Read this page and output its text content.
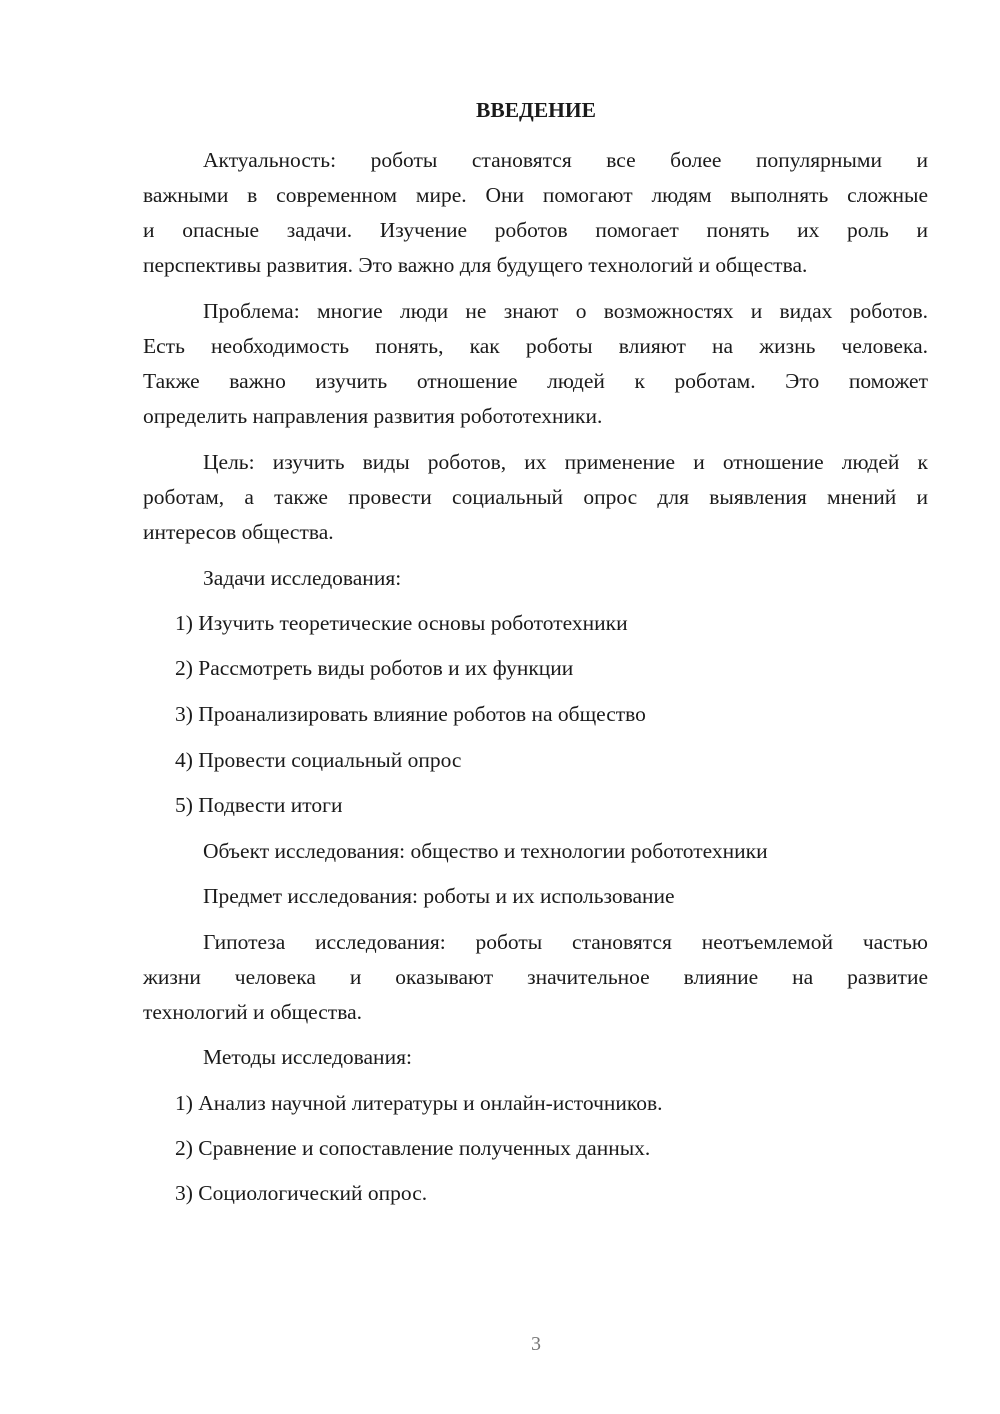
ВВЕДЕНИЕ
Актуальность: роботы становятся все более популярными и
важными в современном мире. Они помогают людям выполнять сложные
и опасные задачи. Изучение роботов помогает понять их роль и
перспективы развития. Это важно для будущего технологий и общества.
Проблема: многие люди не знают о возможностях и видах роботов.
Есть необходимость понять, как роботы влияют на жизнь человека.
Также важно изучить отношение людей к роботам. Это поможет
определить направления развития робототехники.
Цель: изучить виды роботов, их применение и отношение людей к
роботам, а также провести социальный опрос для выявления мнений и
интересов общества.
Задачи исследования:
1) Изучить теоретические основы робототехники
2) Рассмотреть виды роботов и их функции
3) Проанализировать влияние роботов на общество
4) Провести социальный опрос
5) Подвести итоги
Объект исследования: общество и технологии робототехники
Предмет исследования: роботы и их использование
Гипотеза исследования: роботы становятся неотъемлемой частью
жизни человека и оказывают значительное влияние на развитие
технологий и общества.
Методы исследования:
1) Анализ научной литературы и онлайн-источников.
2) Сравнение и сопоставление полученных данных.
3) Социологический опрос.
3
